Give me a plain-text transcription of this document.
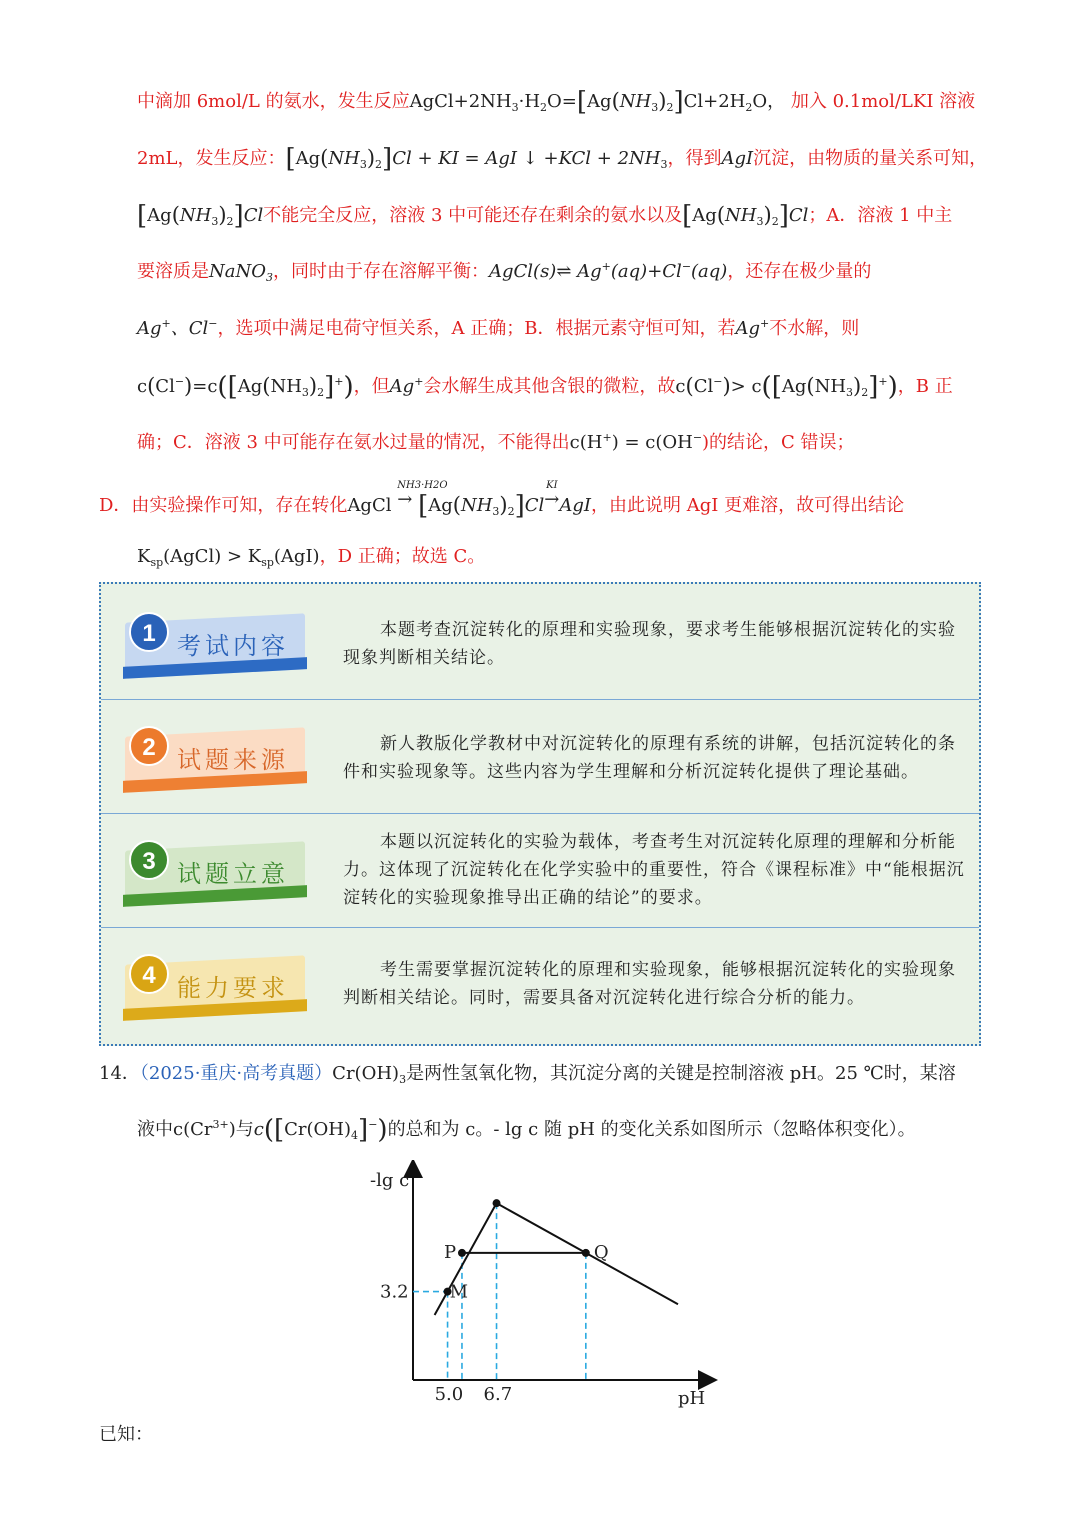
中滴加 6mol/L 的氨水，发生反应$AgCl+2NH_3\cdot H_2O=[Ag(NH_3)_2]Cl+2H_2O$， 加入 0.1mol/LKI 溶液
2mL，发生反应：$[Ag(NH_3)_2]Cl$ + KI = AgI ↓ $+KCl + 2NH_3$，得到AgI沉淀，由物质的量关系可知，
$[Ag(NH_3)_2]Cl$不能完全反应，溶液 3 中可能还存在剩余的氨水以及$[Ag(NH_3)_2]Cl$；A．溶液 1 中主
要溶质是NaNO$_3$，同时由于存在溶解平衡：AgCl(s)⇌ Ag+(aq)+Cl−(aq)，还存在极少量的
Ag+、Cl−，选项中满足电荷守恒关系，A 正确；B．根据元素守恒可知，若Ag+不水解，则
$c(Cl^-)=c([Ag(NH_3)_2]^+)$，但Ag+会水解生成其他含银的微粒，故$c(Cl^-)> c([Ag(NH_3)_2]^+)$，B 正
确；C．溶液 3 中可能存在氨水过量的情况，不能得出c(H+) = c(OH−)的结论，C 错误；
D．由实验操作可知，存在转化AgCl
NH3·H2O
→ $[Ag(NH_3)_2]Cl$
KI
→AgI，由此说明 AgI 更难溶，故可得出结论
$K_{sp}(AgCl) > K_{sp}(AgI)$，D 正确；故选 C。
1 考试内容
本题考查沉淀转化的原理和实验现象，要求考生能够根据沉淀转化的实验现象判断相关结论。
2 试题来源
新人教版化学教材中对沉淀转化的原理有系统的讲解，包括沉淀转化的条件和实验现象等。这些内容为学生理解和分析沉淀转化提供了理论基础。
3 试题立意
本题以沉淀转化的实验为载体，考查考生对沉淀转化原理的理解和分析能力。这体现了沉淀转化在化学实验中的重要性，符合《课程标准》中“能根据沉淀转化的实验现象推导出正确的结论”的要求。
4 能力要求
考生需要掌握沉淀转化的原理和实验现象，能够根据沉淀转化的实验现象判断相关结论。同时，需要具备对沉淀转化进行综合分析的能力。
14．（2025·重庆·高考真题）$Cr(OH)_3$是两性氢氧化物，其沉淀分离的关键是控制溶液 pH。25 ℃时，某溶
液中$c(Cr^{3+})$与$c([Cr(OH)_4]^-)$的总和为 c。- lg c 随 pH 的变化关系如图所示（忽略体积变化）。
-lg c
pH
M
P	Q
5.0 6.7
3.2
已知：
